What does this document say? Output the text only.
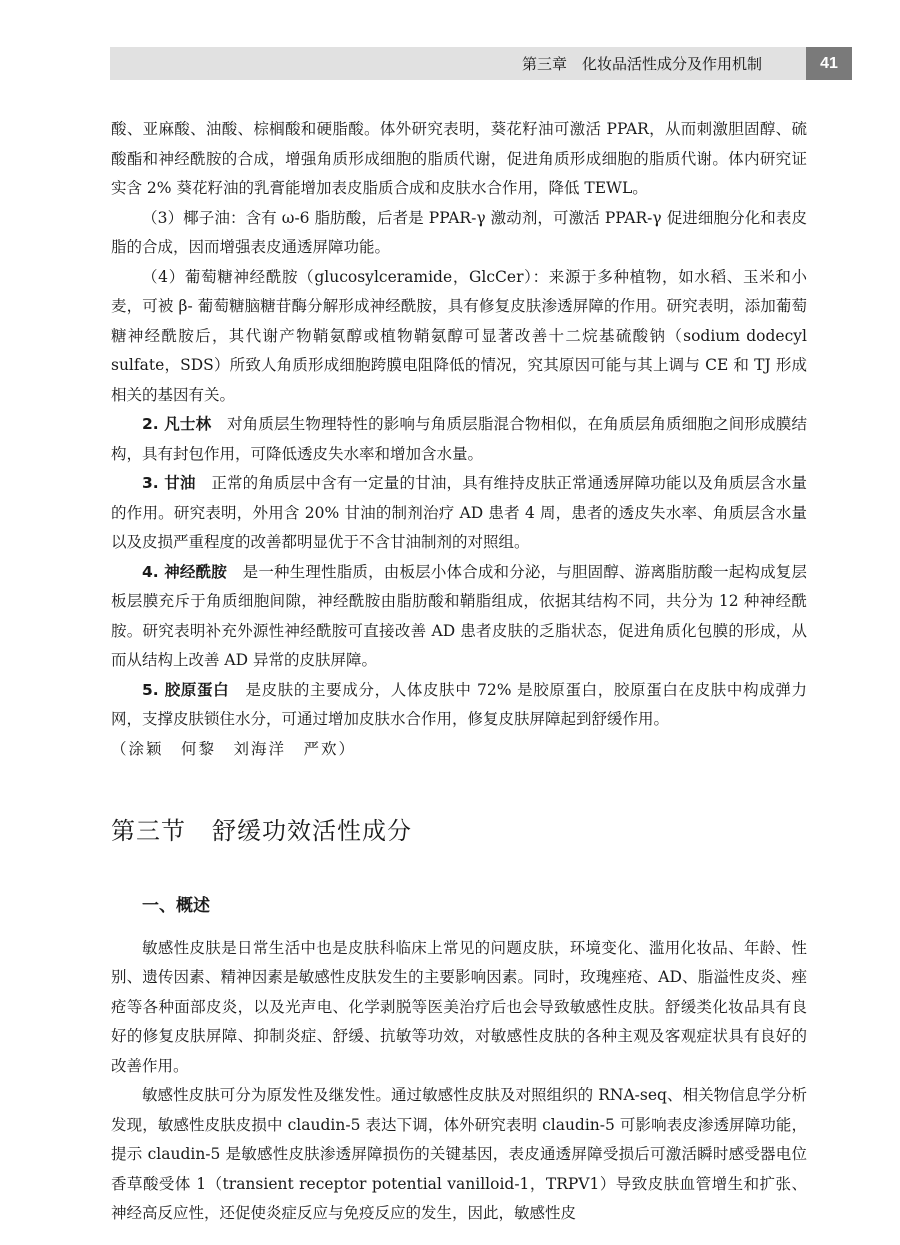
第三章　化妆品活性成分及作用机制	41

酸、亚麻酸、油酸、棕榈酸和硬脂酸。体外研究表明，葵花籽油可激活 PPAR，从而刺激胆固醇、硫酸酯和神经酰胺的合成，增强角质形成细胞的脂质代谢，促进角质形成细胞的脂质代谢。体内研究证实含 2% 葵花籽油的乳膏能增加表皮脂质合成和皮肤水合作用，降低 TEWL。

（3）椰子油：含有 ω-6 脂肪酸，后者是 PPAR-γ 激动剂，可激活 PPAR-γ 促进细胞分化和表皮脂的合成，因而增强表皮通透屏障功能。

（4）葡萄糖神经酰胺（glucosylceramide，GlcCer）：来源于多种植物，如水稻、玉米和小麦，可被 β- 葡萄糖脑糖苷酶分解形成神经酰胺，具有修复皮肤渗透屏障的作用。研究表明，添加葡萄糖神经酰胺后，其代谢产物鞘氨醇或植物鞘氨醇可显著改善十二烷基硫酸钠（sodium dodecyl sulfate，SDS）所致人角质形成细胞跨膜电阻降低的情况，究其原因可能与其上调与 CE 和 TJ 形成相关的基因有关。

2. 凡士林　 对角质层生物理特性的影响与角质层脂混合物相似，在角质层角质细胞之间形成膜结构，具有封包作用，可降低透皮失水率和增加含水量。

3. 甘油　 正常的角质层中含有一定量的甘油，具有维持皮肤正常通透屏障功能以及角质层含水量的作用。研究表明，外用含 20% 甘油的制剂治疗 AD 患者 4 周，患者的透皮失水率、角质层含水量以及皮损严重程度的改善都明显优于不含甘油制剂的对照组。

4. 神经酰胺　 是一种生理性脂质，由板层小体合成和分泌，与胆固醇、游离脂肪酸一起构成复层板层膜充斥于角质细胞间隙，神经酰胺由脂肪酸和鞘脂组成，依据其结构不同，共分为 12 种神经酰胺。研究表明补充外源性神经酰胺可直接改善 AD 患者皮肤的乏脂状态，促进角质化包膜的形成，从而从结构上改善 AD 异常的皮肤屏障。

5. 胶原蛋白　 是皮肤的主要成分，人体皮肤中 72% 是胶原蛋白，胶原蛋白在皮肤中构成弹力网，支撑皮肤锁住水分，可通过增加皮肤水合作用，修复皮肤屏障起到舒缓作用。

（涂颖　何黎　刘海洋　严欢）

第三节 舒缓功效活性成分

一、概述

敏感性皮肤是日常生活中也是皮肤科临床上常见的问题皮肤，环境变化、滥用化妆品、年龄、性别、遗传因素、精神因素是敏感性皮肤发生的主要影响因素。同时，玫瑰痤疮、AD、脂溢性皮炎、痤疮等各种面部皮炎，以及光声电、化学剥脱等医美治疗后也会导致敏感性皮肤。舒缓类化妆品具有良好的修复皮肤屏障、抑制炎症、舒缓、抗敏等功效，对敏感性皮肤的各种主观及客观症状具有良好的改善作用。

敏感性皮肤可分为原发性及继发性。通过敏感性皮肤及对照组织的 RNA-seq、相关物信息学分析发现，敏感性皮肤皮损中 claudin-5 表达下调，体外研究表明 claudin-5 可影响表皮渗透屏障功能，提示 claudin-5 是敏感性皮肤渗透屏障损伤的关键基因，表皮通透屏障受损后可激活瞬时感受器电位香草酸受体 1（transient receptor potential vanilloid-1，TRPV1）导致皮肤血管增生和扩张、神经高反应性，还促使炎症反应与免疫反应的发生，因此，敏感性皮
